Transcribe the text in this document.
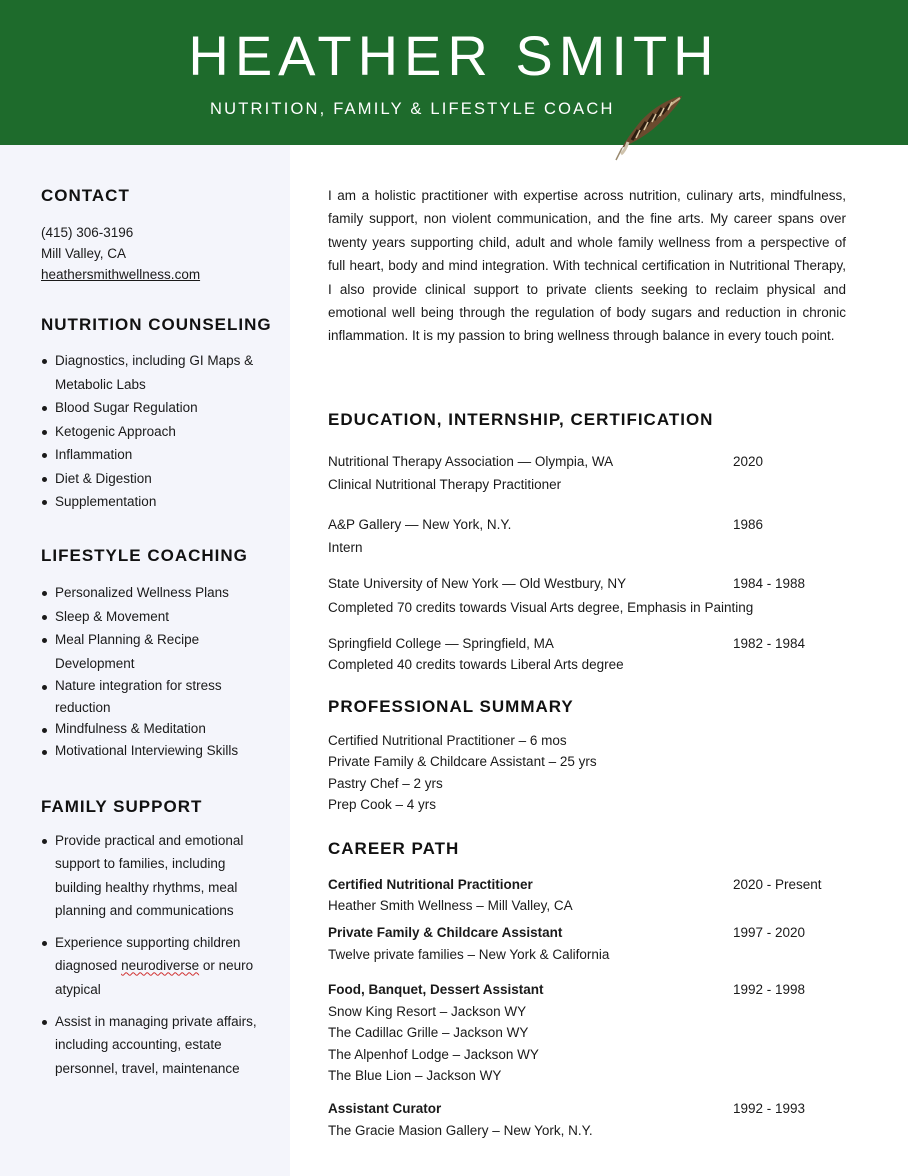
HEATHER SMITH
NUTRITION, FAMILY & LIFESTYLE COACH
CONTACT
(415) 306-3196
Mill Valley, CA
heathersmithwellness.com
NUTRITION COUNSELING
Diagnostics, including GI Maps &
Metabolic Labs
Blood Sugar Regulation
Ketogenic Approach
Inflammation
Diet & Digestion
Supplementation
LIFESTYLE COACHING
Personalized Wellness Plans
Sleep & Movement
Meal Planning & Recipe
Development
Nature integration for stress
reduction
Mindfulness & Meditation
Motivational Interviewing Skills
FAMILY SUPPORT
Provide practical and emotional
support to families, including
building healthy rhythms, meal
planning and communications
Experience supporting children
diagnosed neurodiverse or neuro
atypical
Assist in managing private affairs,
including accounting, estate
personnel, travel, maintenance
I am a holistic practitioner with expertise across nutrition, culinary arts, mindfulness, family support, non violent communication, and the fine arts. My career spans over twenty years supporting child, adult and whole family wellness from a perspective of full heart, body and mind integration. With technical certification in Nutritional Therapy, I also provide clinical support to private clients seeking to reclaim physical and emotional well being through the regulation of body sugars and reduction in chronic inflammation. It is my passion to bring wellness through balance in every touch point.
EDUCATION, INTERNSHIP, CERTIFICATION
Nutritional Therapy Association — Olympia, WA	2020
Clinical Nutritional Therapy Practitioner
A&P Gallery — New York, N.Y.	1986
Intern
State University of New York — Old Westbury, NY	1984 - 1988
Completed 70 credits towards Visual Arts degree, Emphasis in Painting
Springfield College — Springfield, MA	1982 - 1984
Completed 40 credits towards Liberal Arts degree
PROFESSIONAL SUMMARY
Certified Nutritional Practitioner – 6 mos
Private Family & Childcare Assistant – 25 yrs
Pastry Chef – 2 yrs
Prep Cook – 4 yrs
CAREER PATH
Certified Nutritional Practitioner	2020 - Present
Heather Smith Wellness – Mill Valley, CA
Private Family & Childcare Assistant	1997 - 2020
Twelve private families – New York & California
Food, Banquet, Dessert Assistant	1992 - 1998
Snow King Resort – Jackson WY
The Cadillac Grille – Jackson WY
The Alpenhof Lodge – Jackson WY
The Blue Lion – Jackson WY
Assistant Curator	1992 - 1993
The Gracie Masion Gallery – New York, N.Y.
